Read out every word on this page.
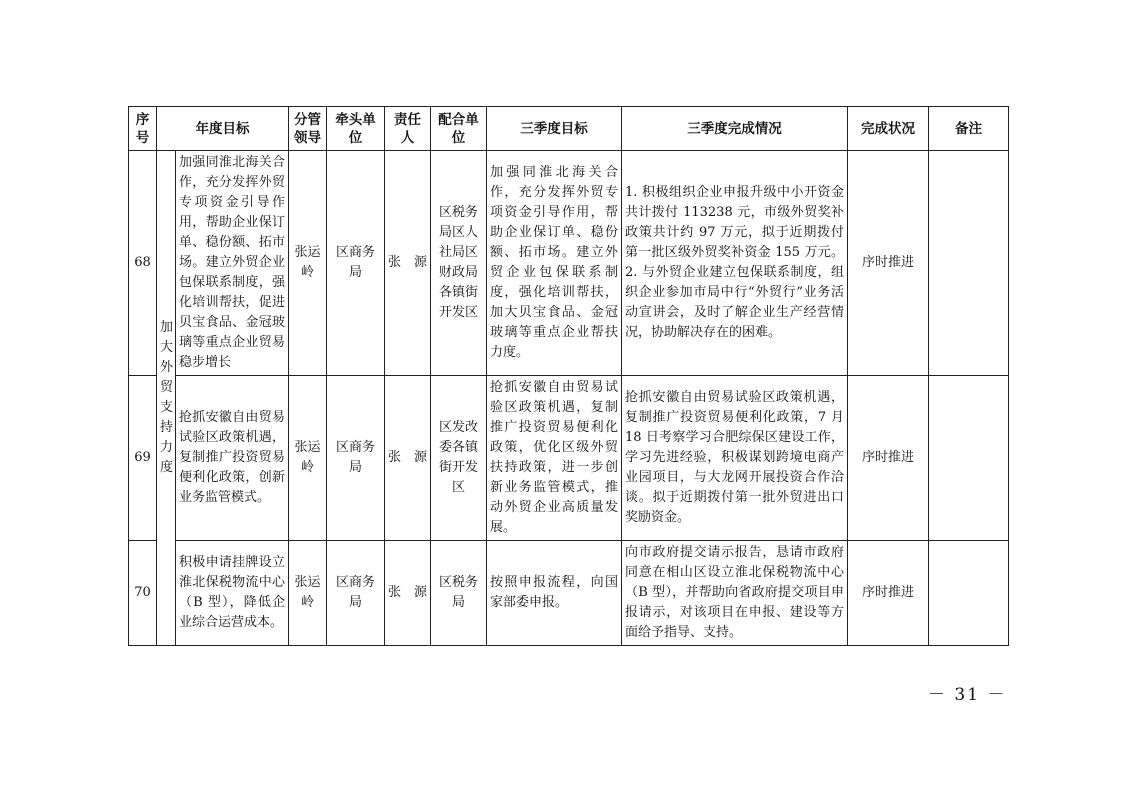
序号	年度目标		分管领导	牵头单位	责任人	配合单位	三季度目标	三季度完成情况	完成状况	备注
68	加大外贸支持力度	加强同淮北海关合作，充分发挥外贸专项资金引导作用，帮助企业保订单、稳份额、拓市场。建立外贸企业包保联系制度，强化培训帮扶，促进贝宝食品、金冠玻璃等重点企业贸易稳步增长	张运岭	区商务局	张　源	区税务局区人社局区财政局各镇街开发区	加强同淮北海关合作，充分发挥外贸专项资金引导作用，帮助企业保订单、稳份额、拓市场。建立外贸企业包保联系制度，强化培训帮扶，加大贝宝食品、金冠玻璃等重点企业帮扶力度。	1. 积极组织企业申报升级中小开资金共计拨付 113238 元，市级外贸奖补政策共计约 97 万元，拟于近期拨付第一批区级外贸奖补资金 155 万元。2. 与外贸企业建立包保联系制度，组织企业参加市局中行“外贸行”业务活动宣讲会，及时了解企业生产经营情况，协助解决存在的困难。	序时推进	
69		抢抓安徽自由贸易试验区政策机遇，复制推广投资贸易便利化政策，创新业务监管模式。	张运岭	区商务局	张　源	区发改委各镇街开发区	抢抓安徽自由贸易试验区政策机遇，复制推广投资贸易便利化政策，优化区级外贸扶持政策，进一步创新业务监管模式，推动外贸企业高质量发展。	抢抓安徽自由贸易试验区政策机遇，复制推广投资贸易便利化政策，7 月 18 日考察学习合肥综保区建设工作，学习先进经验，积极谋划跨境电商产业园项目，与大龙网开展投资合作洽谈。拟于近期拨付第一批外贸进出口奖励资金。	序时推进	
70		积极申请挂牌设立淮北保税物流中心（B 型），降低企业综合运营成本。	张运岭	区商务局	张　源	区税务局	按照申报流程，向国家部委申报。	向市政府提交请示报告，恳请市政府同意在相山区设立淮北保税物流中心（B 型），并帮助向省政府提交项目申报请示，对该项目在申报、建设等方面给予指导、支持。	序时推进	
－ 31 －
